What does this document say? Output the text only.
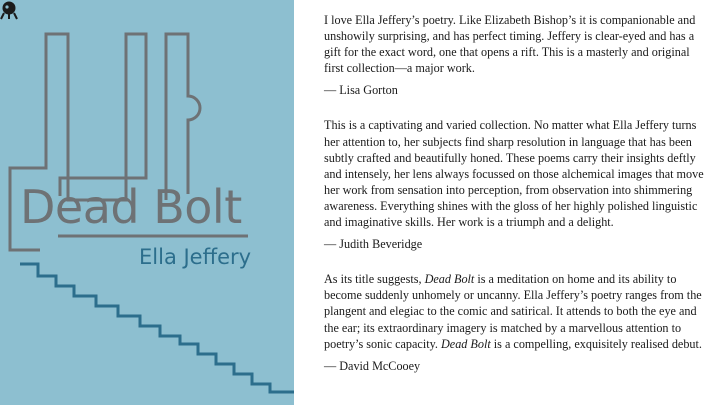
Dead Bolt
Ella Jeffery

I love Ella Jeffery’s poetry. Like Elizabeth Bishop’s it is companionable and unshowily surprising, and has perfect timing. Jeffery is clear-eyed and has a gift for the exact word, one that opens a rift. This is a masterly and original first collection—a major work.

— Lisa Gorton

This is a captivating and varied collection. No matter what Ella Jeffery turns her attention to, her subjects find sharp resolution in language that has been subtly crafted and beautifully honed. These poems carry their insights deftly and intensely, her lens always focussed on those alchemical images that move her work from sensation into perception, from observation into shimmering awareness. Everything shines with the gloss of her highly polished linguistic and imaginative skills. Her work is a triumph and a delight.

— Judith Beveridge

As its title suggests, Dead Bolt is a meditation on home and its ability to become suddenly unhomely or uncanny. Ella Jeffery’s poetry ranges from the plangent and elegiac to the comic and satirical. It attends to both the eye and the ear; its extraordinary imagery is matched by a marvellous attention to poetry’s sonic capacity. Dead Bolt is a compelling, exquisitely realised debut.

— David McCooey
